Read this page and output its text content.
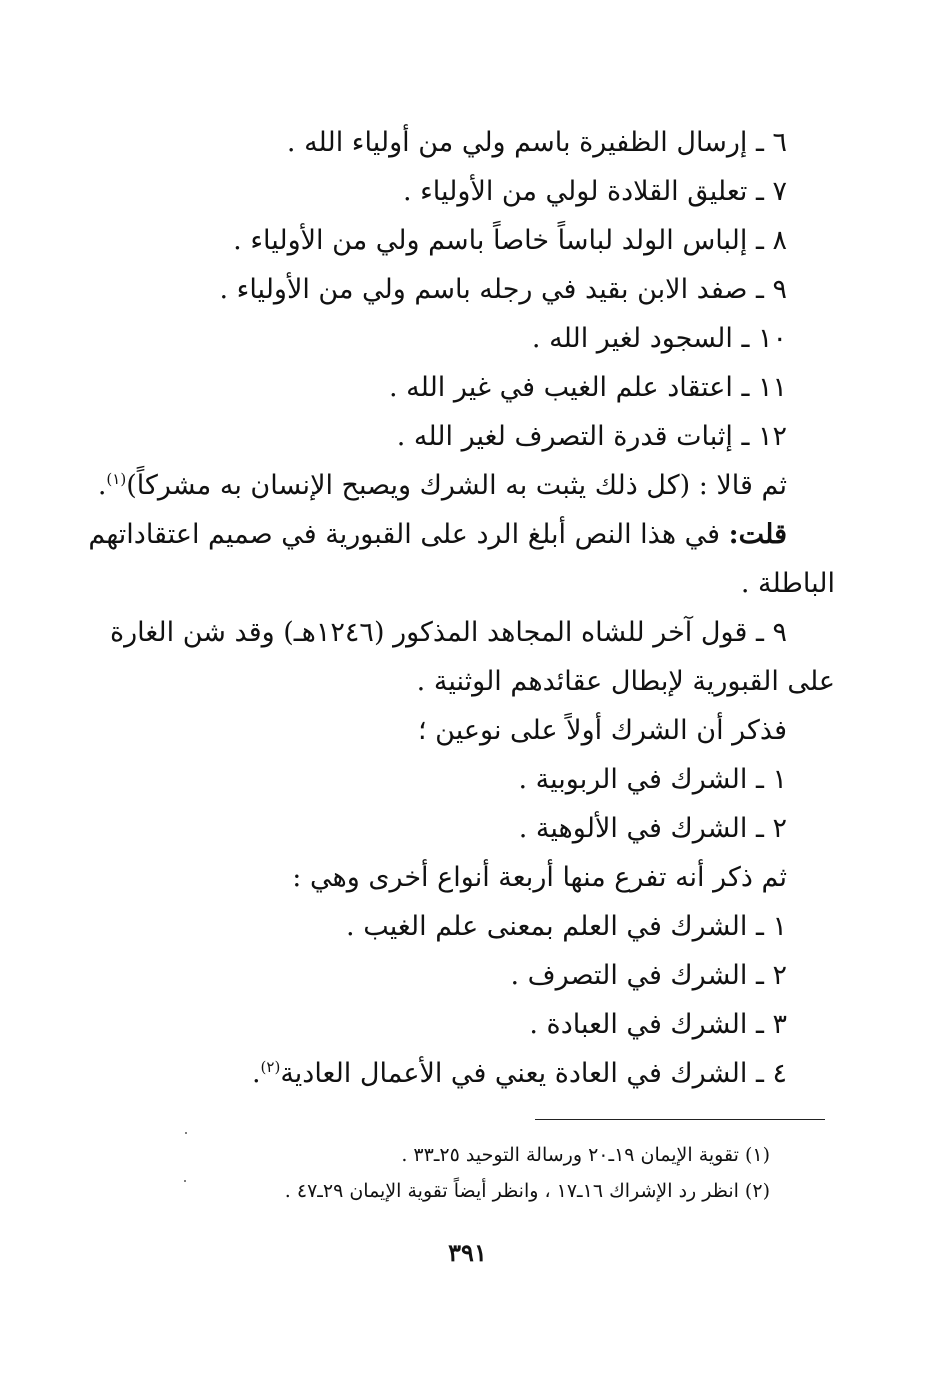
٦ ـ إرسال الظفيرة باسم ولي من أولياء الله .
٧ ـ تعليق القلادة لولي من الأولياء .
٨ ـ إلباس الولد لباساً خاصاً باسم ولي من الأولياء .
٩ ـ صفد الابن بقيد في رجله باسم ولي من الأولياء .
١٠ ـ السجود لغير الله .
١١ ـ اعتقاد علم الغيب في غير الله .
١٢ ـ إثبات قدرة التصرف لغير الله .
ثم قالا : (كل ذلك يثبت به الشرك ويصبح الإنسان به مشركاً)$^{(١)}$.
قلت: في هذا النص أبلغ الرد على القبورية في صميم اعتقاداتهم
الباطلة .
٩ ـ قول آخر للشاه المجاهد المذكور (١٢٤٦هـ) وقد شن الغارة
على القبورية لإبطال عقائدهم الوثنية .
فذكر أن الشرك أولاً على نوعين ؛
١ ـ الشرك في الربوبية .
٢ ـ الشرك في الألوهية .
ثم ذكر أنه تفرع منها أربعة أنواع أخرى وهي :
١ ـ الشرك في العلم بمعنى علم الغيب .
٢ ـ الشرك في التصرف .
٣ ـ الشرك في العبادة .
٤ ـ الشرك في العادة يعني في الأعمال العادية$^{(٢)}$.
(١) تقوية الإيمان ١٩ـ٢٠ ورسالة التوحيد ٢٥ـ٣٣ .
(٢) انظر رد الإشراك ١٦ـ١٧ ، وانظر أيضاً تقوية الإيمان ٢٩ـ٤٧ .
٣٩١
